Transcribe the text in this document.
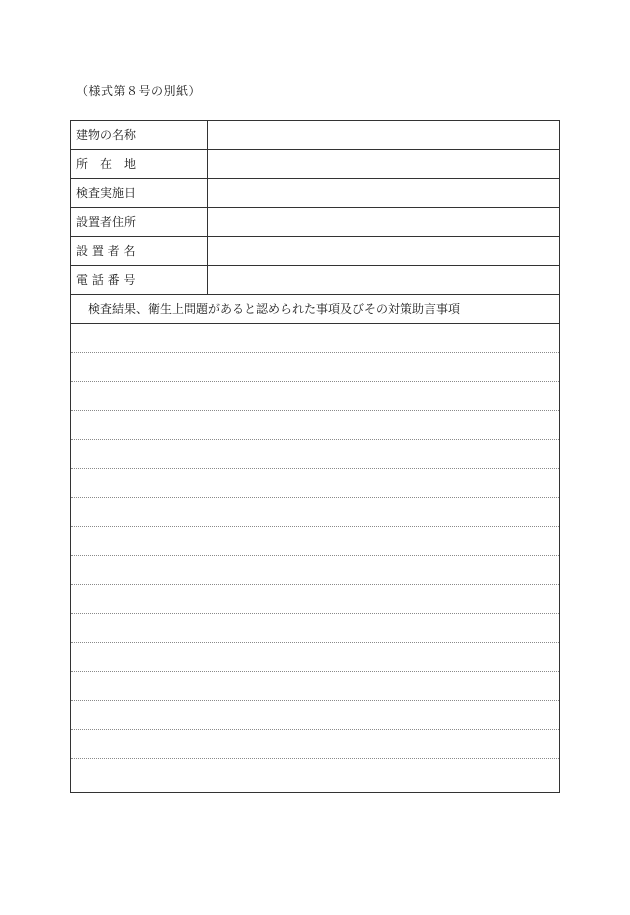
（様式第８号の別紙）
建物の名称
所　在　地
検査実施日
設置者住所
設 置 者 名
電 話 番 号
検査結果、衛生上問題があると認められた事項及びその対策助言事項
